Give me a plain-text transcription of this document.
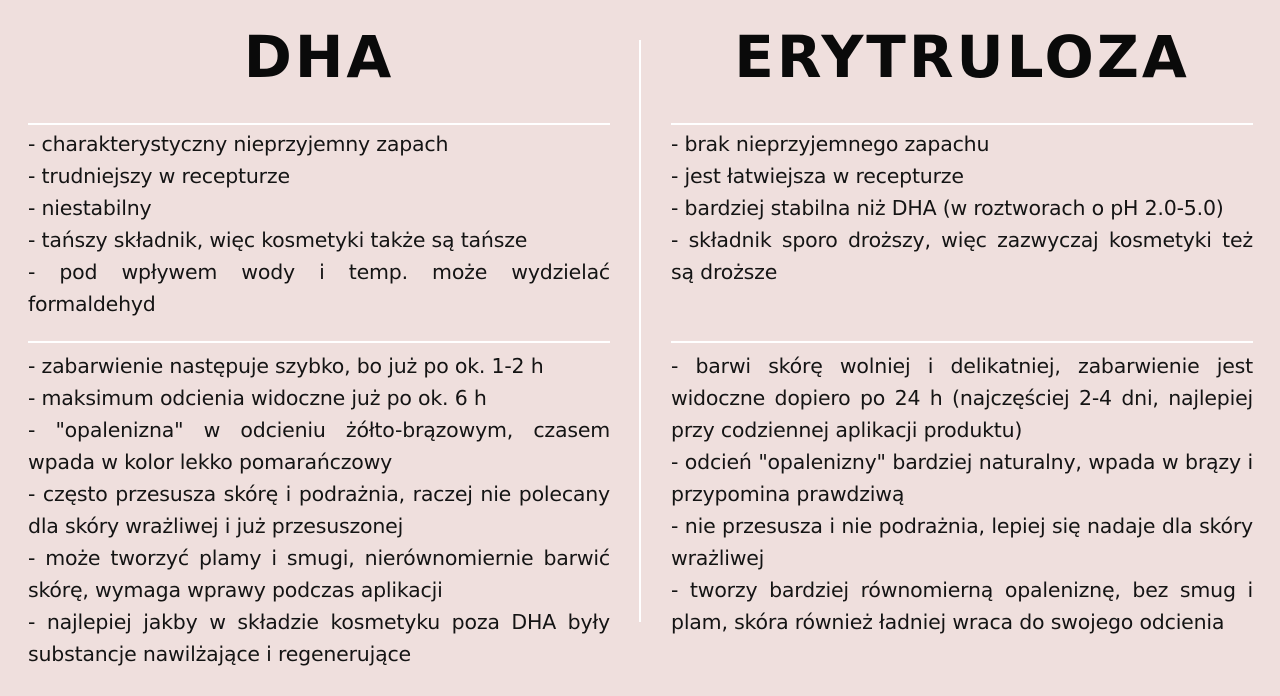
DHA
- charakterystyczny nieprzyjemny zapach
- trudniejszy w recepturze
- niestabilny
- tańszy składnik, więc kosmetyki także są tańsze
- pod wpływem wody i temp. może wydzielać formaldehyd
- zabarwienie następuje szybko, bo już po ok. 1-2 h
- maksimum odcienia widoczne już po ok. 6 h
- "opalenizna" w odcieniu żółto-brązowym, czasem wpada w kolor lekko pomarańczowy
- często przesusza skórę i podrażnia, raczej nie polecany dla skóry wrażliwej i już przesuszonej
- może tworzyć plamy i smugi, nierównomiernie barwić skórę, wymaga wprawy podczas aplikacji
- najlepiej jakby w składzie kosmetyku poza DHA były substancje nawilżające i regenerujące
ERYTRULOZA
- brak nieprzyjemnego zapachu
- jest łatwiejsza w recepturze
- bardziej stabilna niż DHA (w roztworach o pH 2.0-5.0)
- składnik sporo droższy, więc zazwyczaj kosmetyki też są droższe
- barwi skórę wolniej i delikatniej, zabarwienie jest widoczne dopiero po 24 h (najczęściej 2-4 dni, najlepiej przy codziennej aplikacji produktu)
- odcień "opalenizny" bardziej naturalny, wpada w brązy i przypomina prawdziwą
- nie przesusza i nie podrażnia, lepiej się nadaje dla skóry wrażliwej
- tworzy bardziej równomierną opaleniznę, bez smug i plam, skóra również ładniej wraca do swojego odcienia
